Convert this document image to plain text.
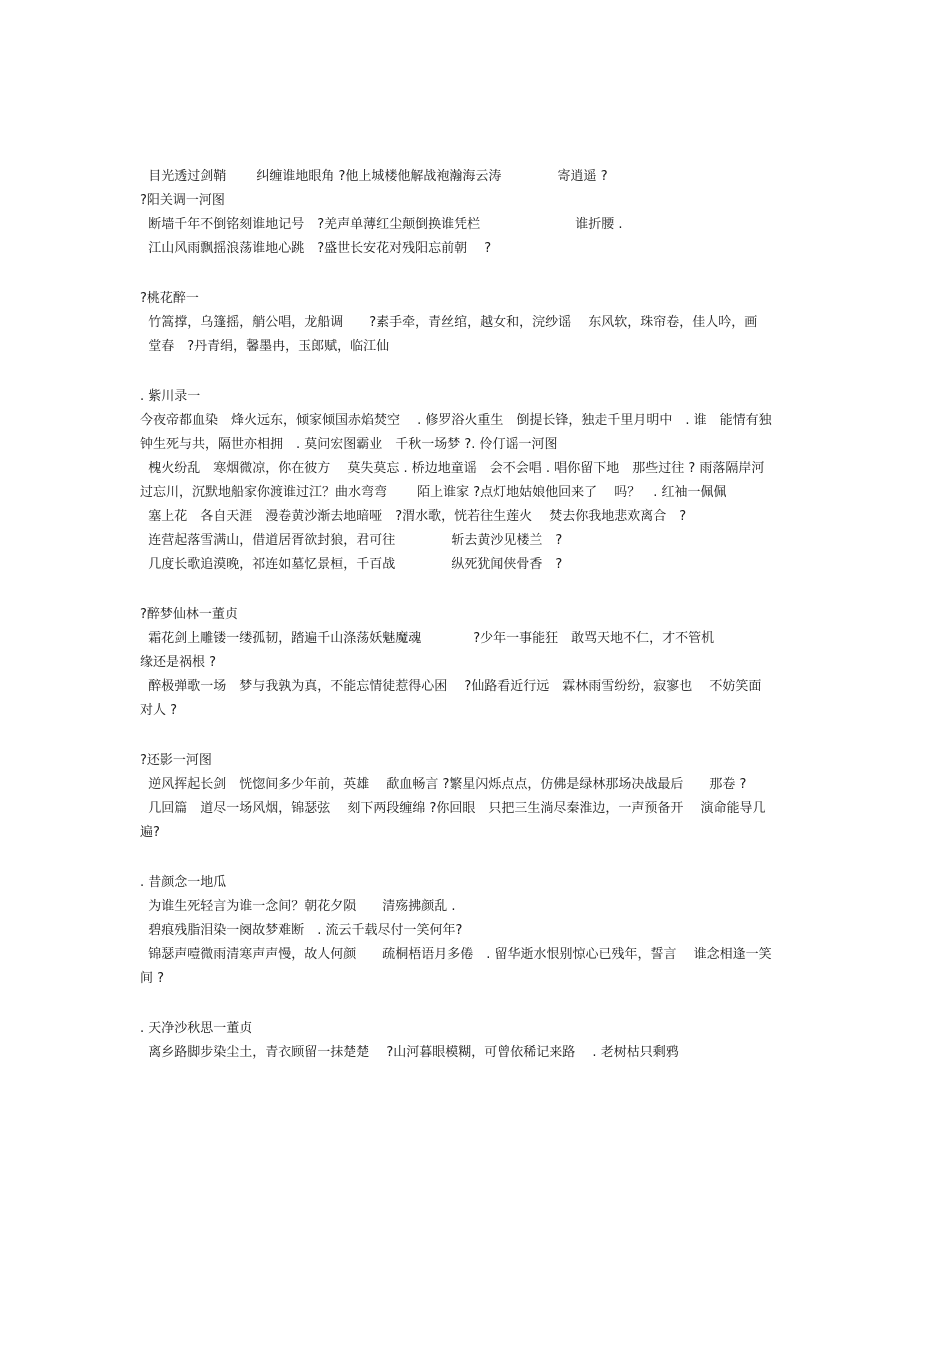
目光透过剑鞘　　 纠缠谁地眼角 ?他上城楼他解战袍瀚海云涛　　　　 寄逍遥 ?
?阳关调一河图
断墙千年不倒铭刻谁地记号　?羌声单薄红尘颠倒换谁凭栏　　　　　　　 谁折腰 .
江山风雨飘摇浪荡谁地心跳　?盛世长安花对残阳忘前朝　 ?
?桃花醉一
竹篙撑，乌篷摇，艄公唱，龙船调　　?素手牵，青丝绾，越女和，浣纱谣　 东风软，珠帘卷，佳人吟，画
堂春　?丹青绢，馨墨冉，玉郎赋，临江仙
. 紫川录一
今夜帝都血染　烽火远东，倾家倾国赤焰焚空　 . 修罗浴火重生　倒提长锋，独走千里月明中　. 谁　能情有独
钟生死与共，隔世亦相拥　. 莫问宏图霸业　千秋一场梦 ?. 伶仃谣一河图
槐火纷乱　寒烟微凉，你在彼方　 莫失莫忘 . 桥边地童谣　会不会唱 . 唱你留下地　那些过往 ? 雨落隔岸河
过忘川，沉默地船家你渡谁过江？曲水弯弯　　 陌上谁家 ?点灯地姑娘他回来了　 吗？　. 红袖一佩佩
塞上花　各自天涯　漫卷黄沙渐去地暗哑　?渭水歌，恍若往生莲火　 焚去你我地悲欢离合　?
连营起落雪满山，借道居胥欲封狼，君可往　　　　 斩去黄沙见楼兰　?
几度长歌追漠晚，祁连如墓忆景桓，千百战　　　　 纵死犹闻侠骨香　?
?醉梦仙林一董贞
霜花剑上雕镂一缕孤韧，踏遍千山涤荡妖魅魔魂　　　　?少年一事能狂　敢骂天地不仁，才不管机
缘还是祸根 ?
醉极弹歌一场　梦与我孰为真，不能忘情徒惹得心困　 ?仙路看近行远　霖林雨雪纷纷，寂寥也　 不妨笑面
对人 ?
?还影一河图
逆风挥起长剑　恍惚间多少年前，英雄　 歃血畅言 ?繁星闪烁点点，仿佛是绿林那场决战最后　　那卷 ?
几回篇　道尽一场风烟，锦瑟弦　 刻下两段缠绵 ?你回眼　只把三生淌尽秦淮边，一声预备开　 演命能导几
遍?
. 昔颜念一地瓜
为谁生死轻言为谁一念间？朝花夕陨　　清殇拂颜乱 .
碧痕残脂泪染一阕故梦难断　. 流云千载尽付一笑何年?
锦瑟声噎微雨清寒声声慢，故人何颜　　疏桐梧语月多倦　. 留华逝水恨别惊心已残年，誓言　 谁念相逢一笑
间 ?
. 天净沙秋思一董贞
离乡路脚步染尘土，青衣顾留一抹楚楚　 ?山河暮眼模糊，可曾依稀记来路　 . 老树枯只剩鸦
